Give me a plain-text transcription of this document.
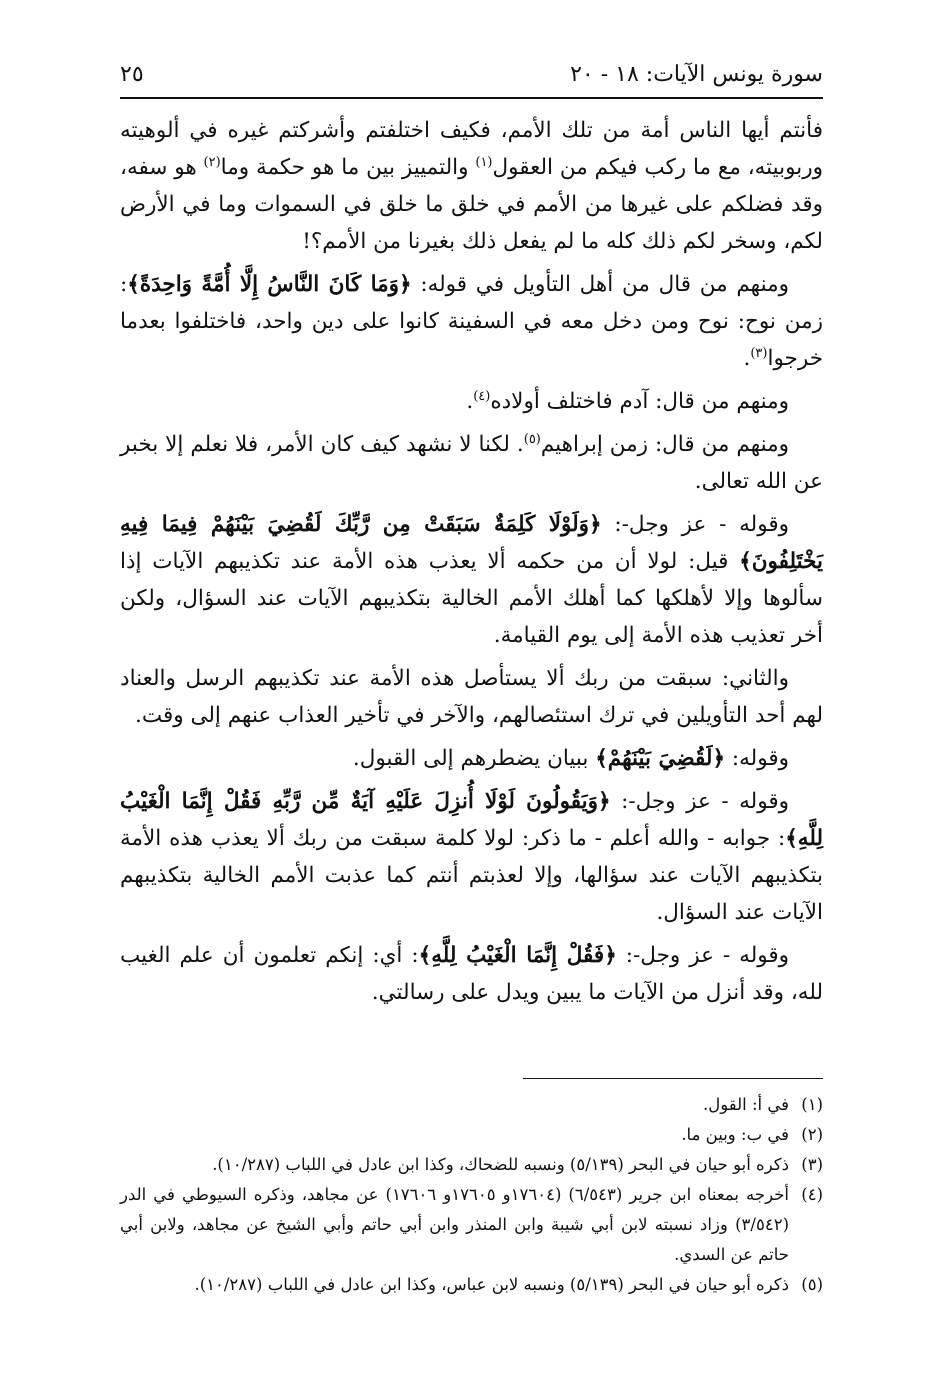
سورة يونس الآيات: ١٨ - ٢٠
٢٥

فأنتم أيها الناس أمة من تلك الأمم، فكيف اختلفتم وأشركتم غيره في ألوهيته وربوبيته، مع ما ركب فيكم من العقول$^{(١)}$ والتمييز بين ما هو حكمة وما$^{(٢)}$ هو سفه، وقد فضلكم على غيرها من الأمم في خلق ما خلق في السموات وما في الأرض لكم، وسخر لكم ذلك كله ما لم يفعل ذلك بغيرنا من الأمم؟!

ومنهم من قال من أهل التأويل في قوله: ﴿وَمَا كَانَ النَّاسُ إِلَّا أُمَّةً وَاحِدَةً﴾: زمن نوح: نوح ومن دخل معه في السفينة كانوا على دين واحد، فاختلفوا بعدما خرجوا$^{(٣)}$.

ومنهم من قال: آدم فاختلف أولاده$^{(٤)}$.

ومنهم من قال: زمن إبراهيم$^{(٥)}$. لكنا لا نشهد كيف كان الأمر، فلا نعلم إلا بخبر عن الله تعالى.

وقوله - عز وجل-: ﴿وَلَوْلَا كَلِمَةٌ سَبَقَتْ مِن رَّبِّكَ لَقُضِيَ بَيْنَهُمْ فِيمَا فِيهِ يَخْتَلِفُونَ﴾ قيل: لولا أن من حكمه ألا يعذب هذه الأمة عند تكذيبهم الآيات إذا سألوها وإلا لأهلكها كما أهلك الأمم الخالية بتكذيبهم الآيات عند السؤال، ولكن أخر تعذيب هذه الأمة إلى يوم القيامة.

والثاني: سبقت من ربك ألا يستأصل هذه الأمة عند تكذيبهم الرسل والعناد لهم أحد التأويلين في ترك استئصالهم، والآخر في تأخير العذاب عنهم إلى وقت.

وقوله: ﴿لَقُضِيَ بَيْنَهُمْ﴾ ببيان يضطرهم إلى القبول.

وقوله - عز وجل-: ﴿وَيَقُولُونَ لَوْلَا أُنزِلَ عَلَيْهِ آيَةٌ مِّن رَّبِّهِ فَقُلْ إِنَّمَا الْغَيْبُ لِلَّهِ﴾: جوابه - والله أعلم - ما ذكر: لولا كلمة سبقت من ربك ألا يعذب هذه الأمة بتكذيبهم الآيات عند سؤالها، وإلا لعذبتم أنتم كما عذبت الأمم الخالية بتكذيبهم الآيات عند السؤال.

وقوله - عز وجل-: ﴿فَقُلْ إِنَّمَا الْغَيْبُ لِلَّهِ﴾: أي: إنكم تعلمون أن علم الغيب لله، وقد أنزل من الآيات ما يبين ويدل على رسالتي.

(١)
في أ: القول.
(٢)
في ب: وبين ما.
(٣)
ذكره أبو حيان في البحر (٥/١٣٩) ونسبه للضحاك، وكذا ابن عادل في اللباب (١٠/٢٨٧).
(٤)
أخرجه بمعناه ابن جرير (٦/٥٤٣) (١٧٦٠٤و ١٧٦٠٥و ١٧٦٠٦) عن مجاهد، وذكره السيوطي في الدر (٣/٥٤٢) وزاد نسبته لابن أبي شيبة وابن المنذر وابن أبي حاتم وأبي الشيخ عن مجاهد، ولابن أبي حاتم عن السدي.
(٥)
ذكره أبو حيان في البحر (٥/١٣٩) ونسبه لابن عباس، وكذا ابن عادل في اللباب (١٠/٢٨٧).
